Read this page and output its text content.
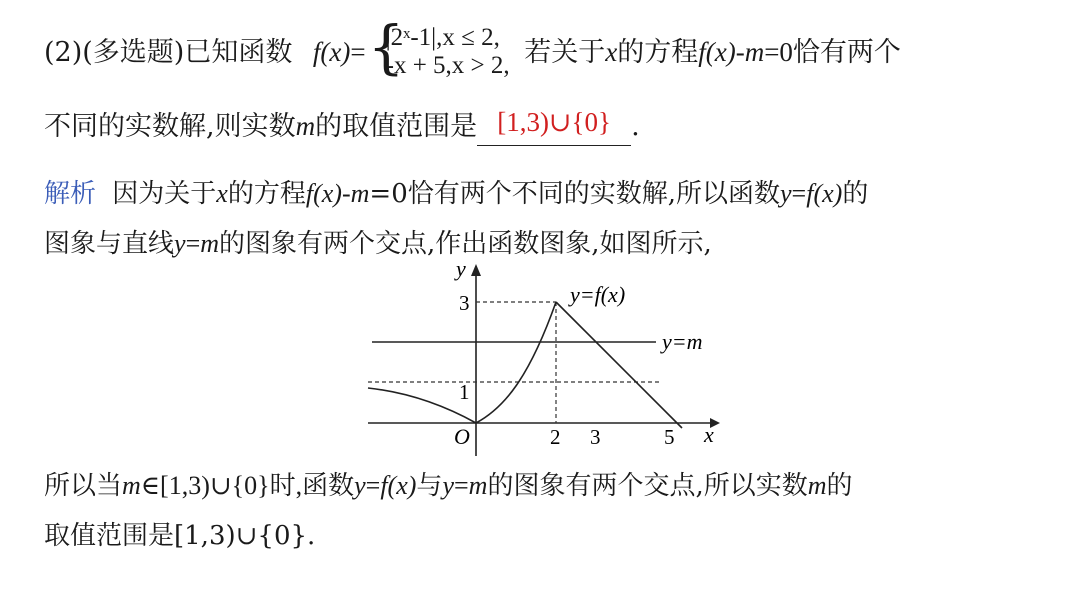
(2)(多选题)已知函数 f(x)= {
|2ˣ-1|,x ≤ 2,
-x + 5,x > 2, 若关于x的方程f(x)-m=0恰有两个
不同的实数解,则实数m的取值范围是 [1,3)∪{0} .
解析 因为关于x的方程f(x)-m=0恰有两个不同的实数解,所以函数y=f(x)的
图象与直线y=m的图象有两个交点,作出函数图象,如图所示,
y
x
O
3
1
2 3	5
y=f(x)
y=m
所以当m∈[1,3)∪{0}时,函数y=f(x)与y=m的图象有两个交点,所以实数m的
取值范围是[1,3)∪{0}.
